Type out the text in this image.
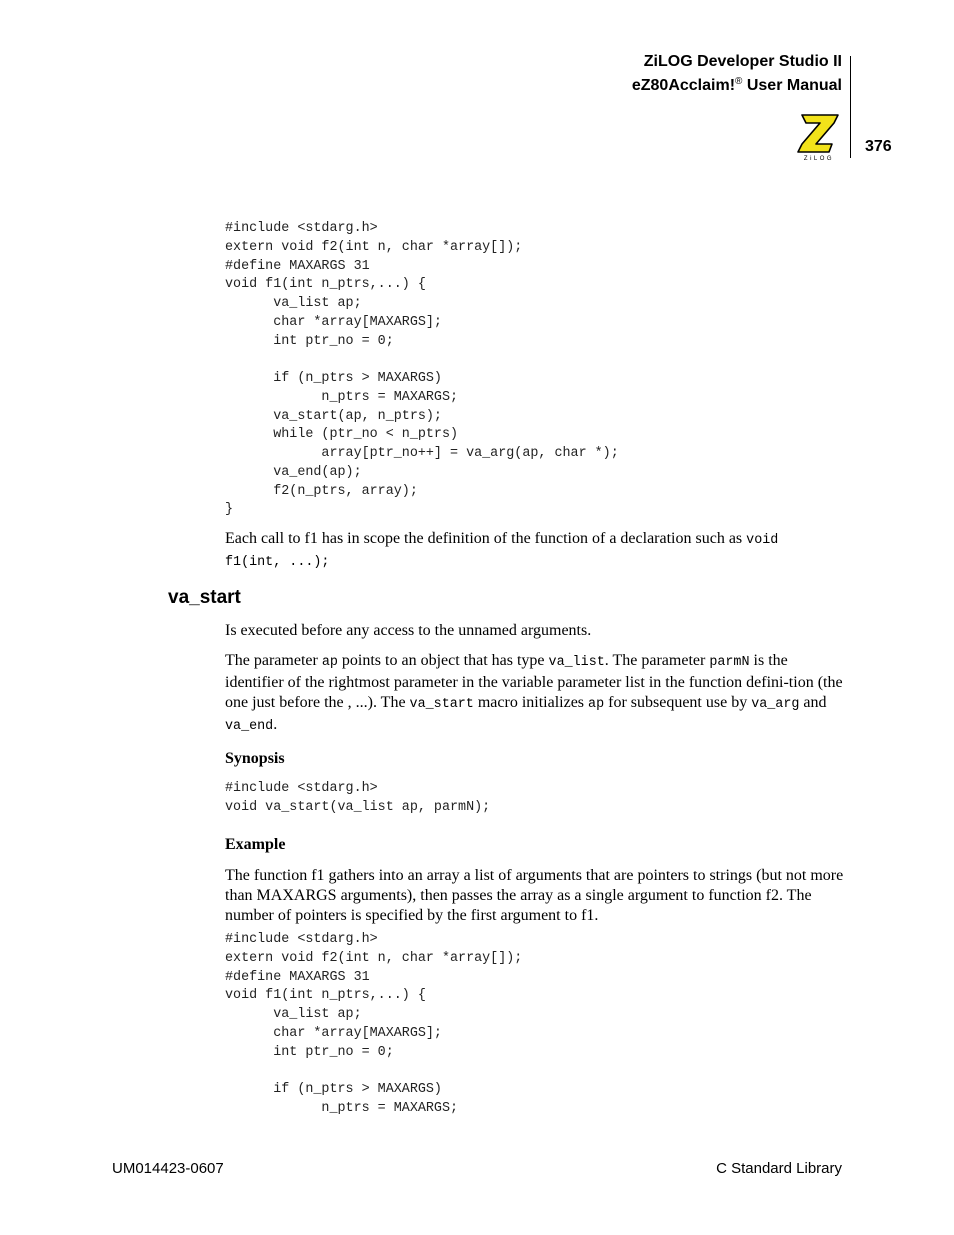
ZiLOG Developer Studio II
eZ80Acclaim!® User Manual
376
ZiLOG
#include <stdarg.h>
extern void f2(int n, char *array[]);
#define MAXARGS 31
void f1(int n_ptrs,...) {
va_list ap;
char *array[MAXARGS];
int ptr_no = 0;
if (n_ptrs > MAXARGS)
n_ptrs = MAXARGS;
va_start(ap, n_ptrs);
while (ptr_no < n_ptrs)
array[ptr_no++] = va_arg(ap, char *);
va_end(ap);
f2(n_ptrs, array);
}

Each call to f1 has in scope the definition of the function of a declaration such as void
f1(int, ...);

va_start

Is executed before any access to the unnamed arguments.

The parameter ap points to an object that has type va_list. The parameter parmN is the identifier of the rightmost parameter in the variable parameter list in the function defini-tion (the one just before the , ...). The va_start macro initializes ap for subsequent use by va_arg and va_end.

Synopsis
#include <stdarg.h>
void va_start(va_list ap, parmN);
Example

The function f1 gathers into an array a list of arguments that are pointers to strings (but not more than MAXARGS arguments), then passes the array as a single argument to function f2. The number of pointers is specified by the first argument to f1.

#include <stdarg.h>
extern void f2(int n, char *array[]);
#define MAXARGS 31
void f1(int n_ptrs,...) {
va_list ap;
char *array[MAXARGS];
int ptr_no = 0;
if (n_ptrs > MAXARGS)
n_ptrs = MAXARGS;
UM014423-0607	C Standard Library
